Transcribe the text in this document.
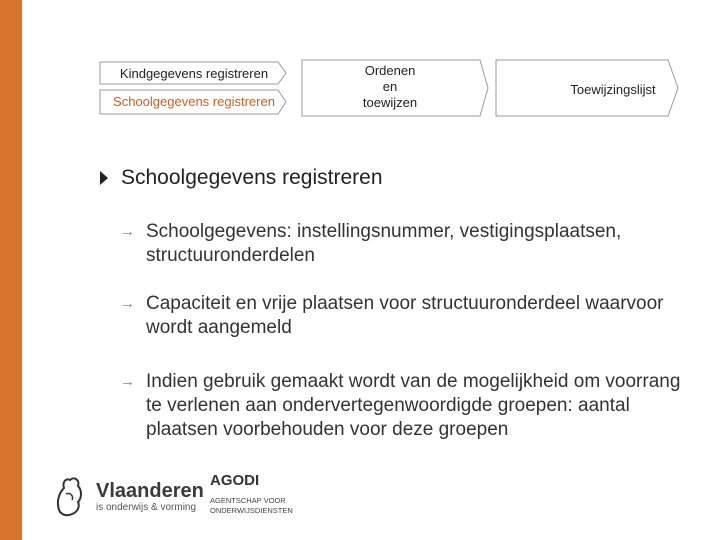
Kindgegevens registreren
Schoolgegevens registreren
Ordenen
en
toewijzen
Toewijzingslijst
Schoolgegevens registreren
→ Schoolgegevens: instellingsnummer, vestigingsplaatsen, structuuronderdelen
→ Capaciteit en vrije plaatsen voor structuuronderdeel waarvoor wordt aangemeld
→ Indien gebruik gemaakt wordt van de mogelijkheid om voorrang te verlenen aan ondervertegenwoordigde groepen: aantal plaatsen voorbehouden voor deze groepen
Vlaanderen
is onderwijs & vorming
AGODI
AGENTSCHAP VOOR ONDERWIJSDIENSTEN
